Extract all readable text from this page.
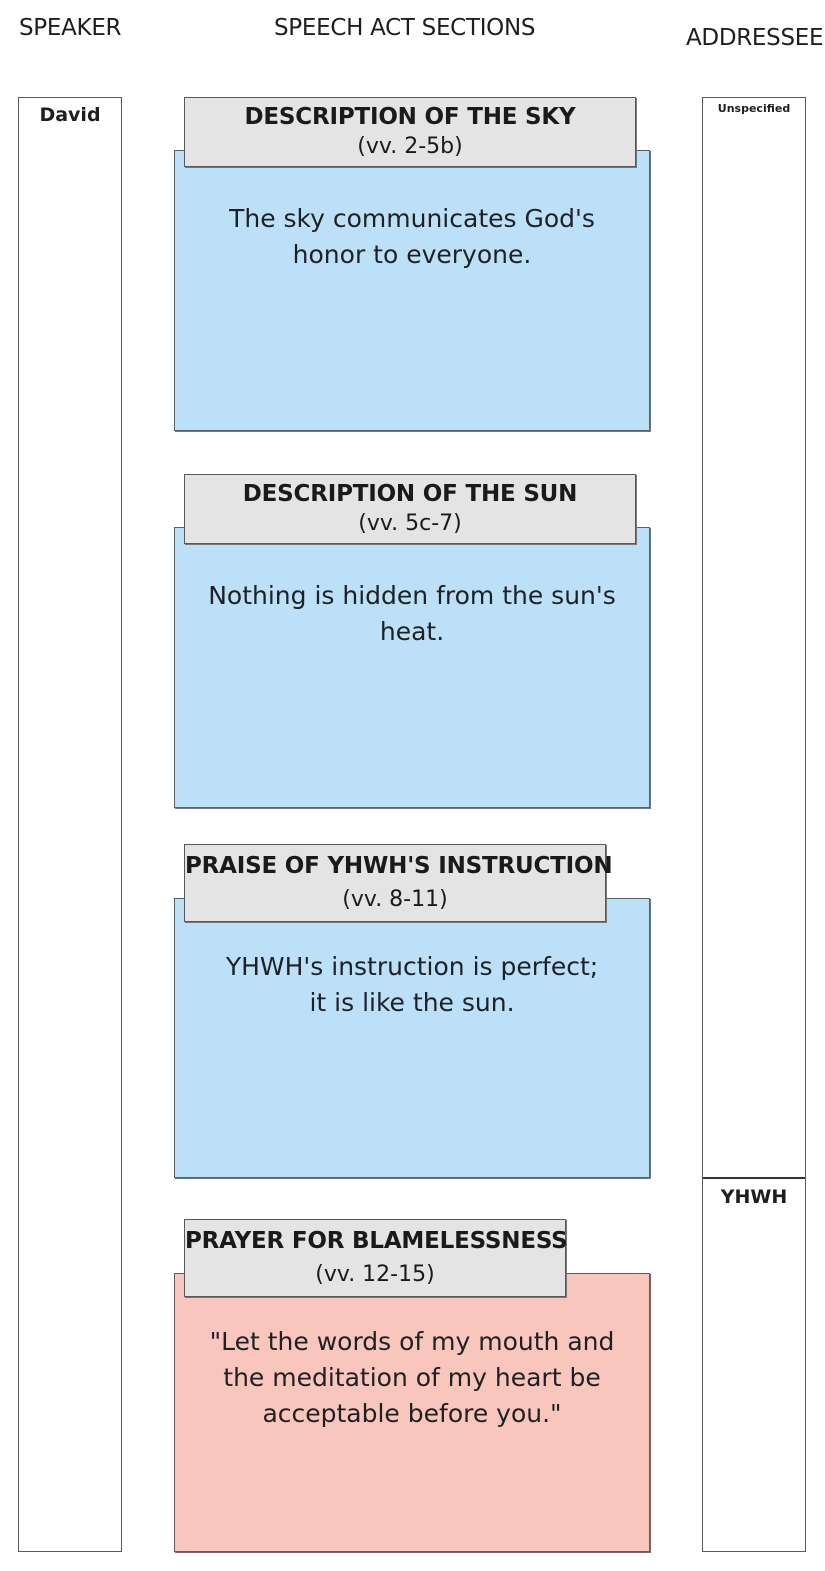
SPEAKER	SPEECH ACT SECTIONS	ADDRESSEE
David	Unspecified
YHWH
The sky communicates God's honor to everyone.
DESCRIPTION OF THE SKY
(vv. 2-5b)
Nothing is hidden from the sun's heat.
DESCRIPTION OF THE SUN
(vv. 5c-7)
YHWH's instruction is perfect;
it is like the sun.
PRAISE OF YHWH'S INSTRUCTION
(vv. 8-11)
"Let the words of my mouth and the meditation of my heart be acceptable before you."
PRAYER FOR BLAMELESSNESS
(vv. 12-15)
